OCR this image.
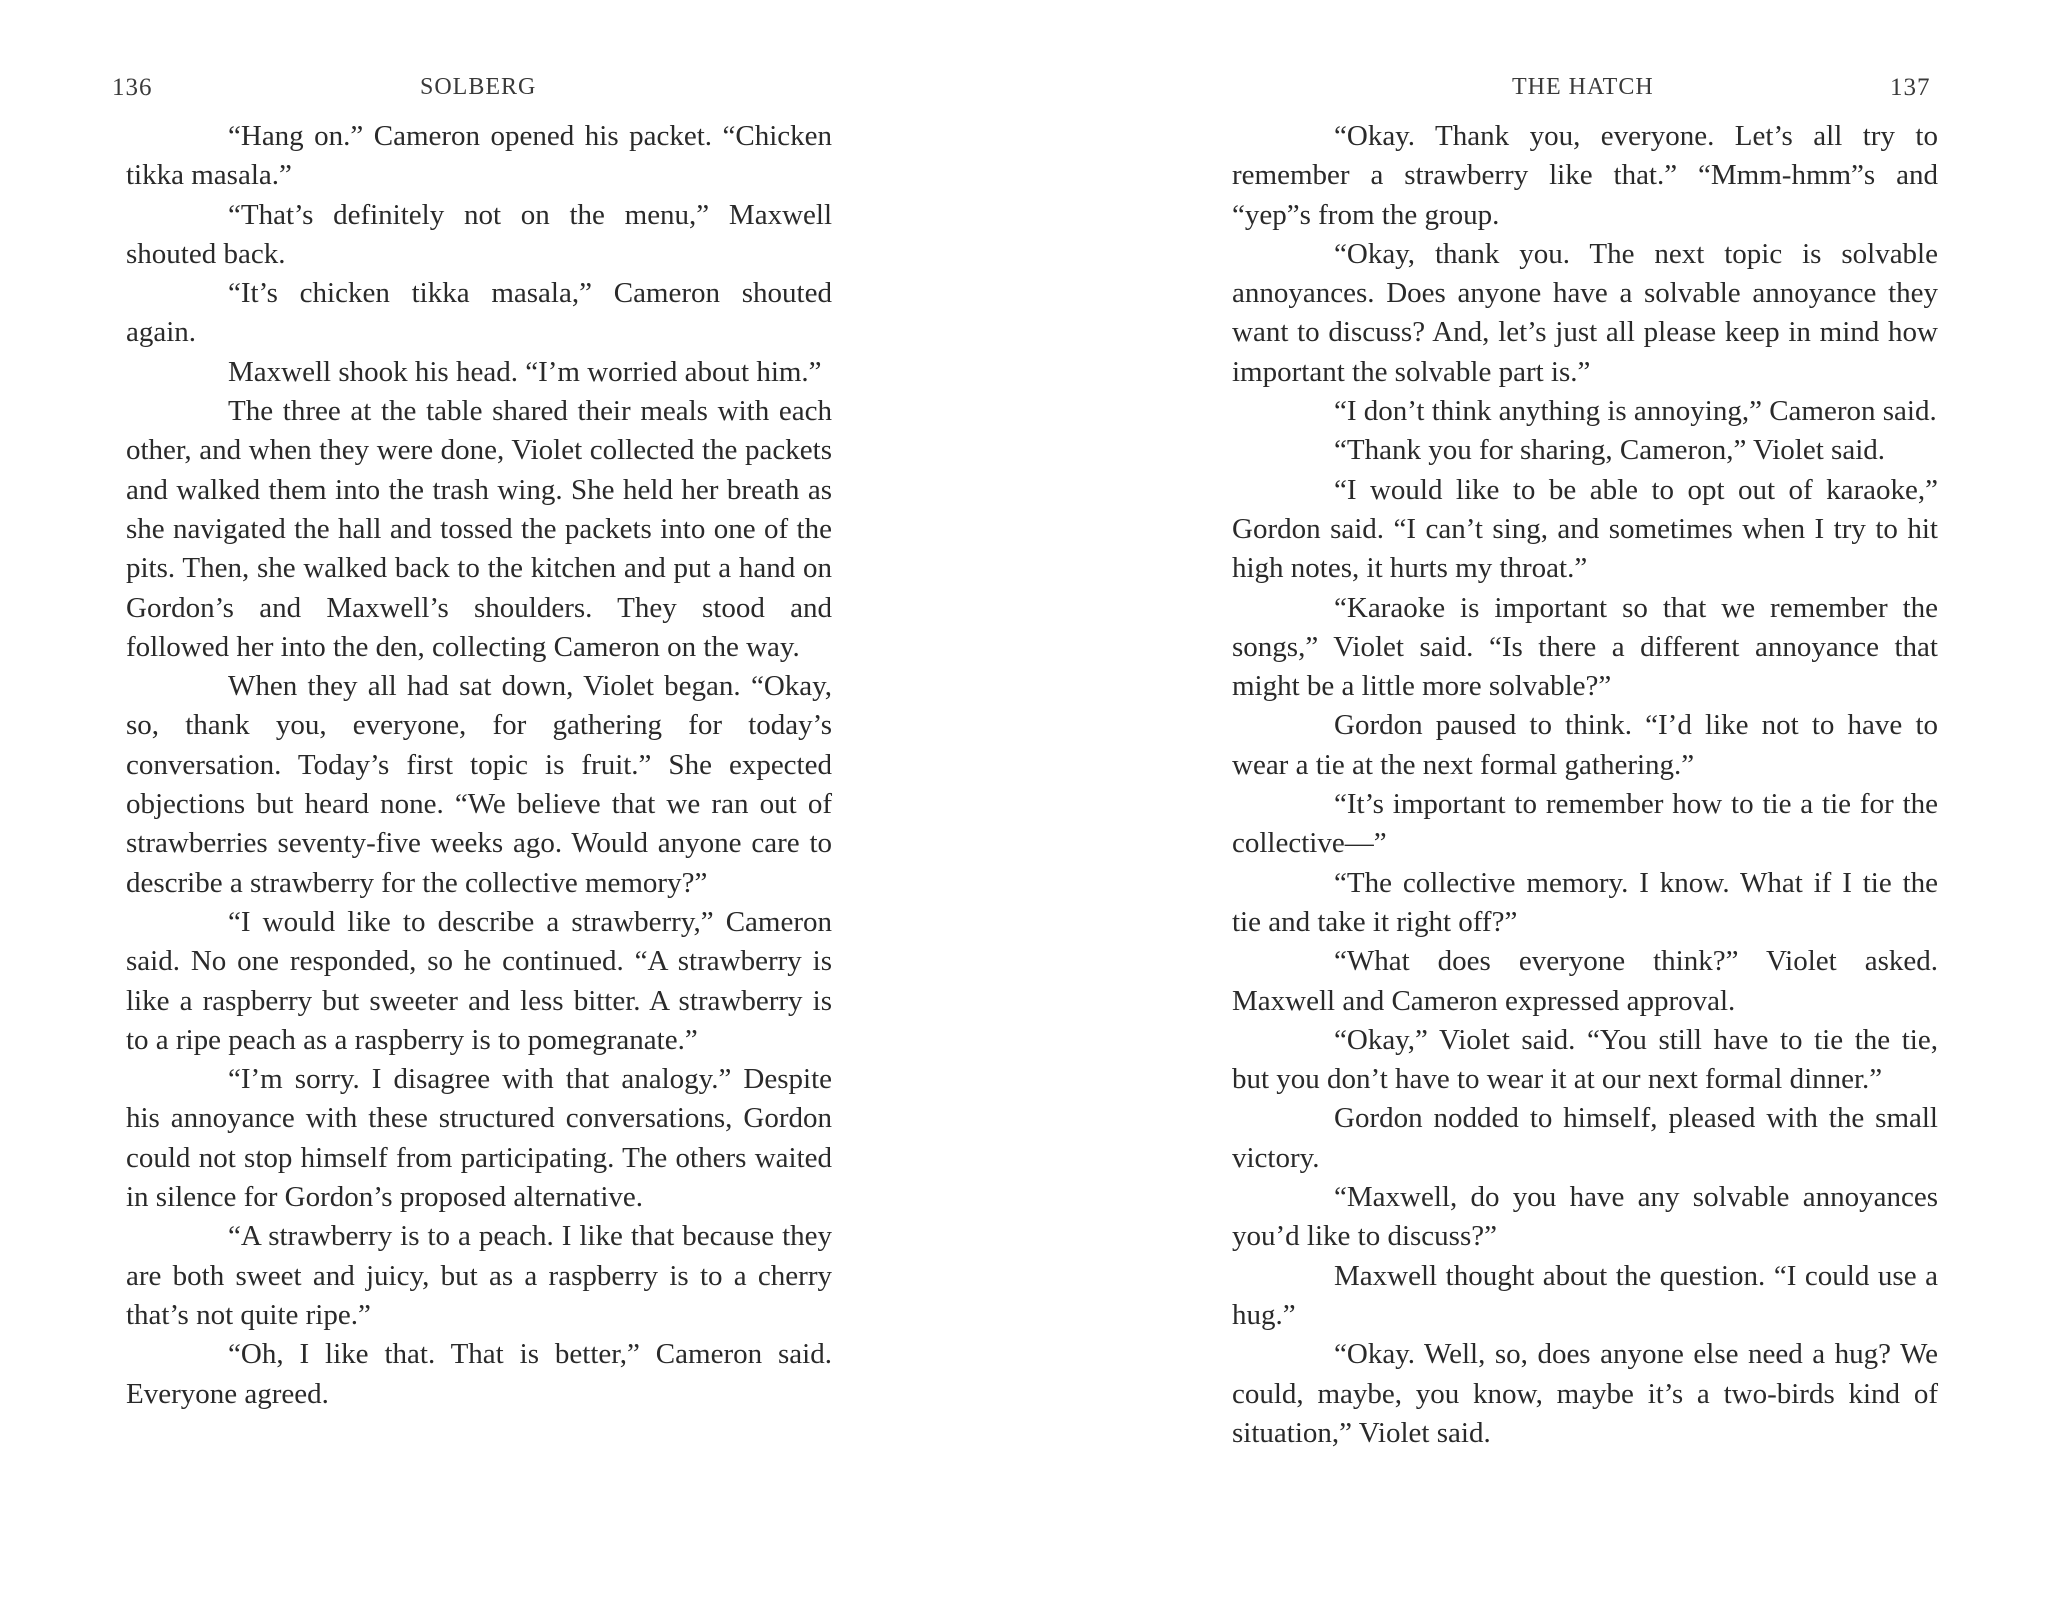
136	SOLBERG

“Hang on.” Cameron opened his packet. “Chicken tikka masala.”

“That’s definitely not on the menu,” Maxwell shouted back.

“It’s chicken tikka masala,” Cameron shouted again.

Maxwell shook his head. “I’m worried about him.”

The three at the table shared their meals with each other, and when they were done, Violet collected the packets and walked them into the trash wing. She held her breath as she navigated the hall and tossed the packets into one of the pits. Then, she walked back to the kitchen and put a hand on Gordon’s and Maxwell’s shoulders. They stood and followed her into the den, collecting Cameron on the way.

When they all had sat down, Violet began. “Okay, so, thank you, everyone, for gathering for today’s conversation. Today’s first topic is fruit.” She expected objections but heard none. “We believe that we ran out of strawberries seventy-five weeks ago. Would anyone care to describe a strawberry for the collective memory?”

“I would like to describe a strawberry,” Cameron said. No one responded, so he continued. “A strawberry is like a raspberry but sweeter and less bitter. A strawberry is to a ripe peach as a raspberry is to pomegranate.”

“I’m sorry. I disagree with that analogy.” Despite his annoyance with these structured conversations, Gordon could not stop himself from participating. The others waited in silence for Gordon’s proposed alternative.

“A strawberry is to a peach. I like that because they are both sweet and juicy, but as a raspberry is to a cherry that’s not quite ripe.”

“Oh, I like that. That is better,” Cameron said. Everyone agreed.

THE HATCH	137

“Okay. Thank you, everyone. Let’s all try to remember a strawberry like that.” “Mmm-hmm”s and “yep”s from the group.

“Okay, thank you. The next topic is solvable annoyances. Does anyone have a solvable annoyance they want to discuss? And, let’s just all please keep in mind how important the solvable part is.”

“I don’t think anything is annoying,” Cameron said.

“Thank you for sharing, Cameron,” Violet said.

“I would like to be able to opt out of karaoke,” Gordon said. “I can’t sing, and sometimes when I try to hit high notes, it hurts my throat.”

“Karaoke is important so that we remember the songs,” Violet said. “Is there a different annoyance that might be a little more solvable?”

Gordon paused to think. “I’d like not to have to wear a tie at the next formal gathering.”

“It’s important to remember how to tie a tie for the collective—”

“The collective memory. I know. What if I tie the tie and take it right off?”

“What does everyone think?” Violet asked. Maxwell and Cameron expressed approval.

“Okay,” Violet said. “You still have to tie the tie, but you don’t have to wear it at our next formal dinner.”

Gordon nodded to himself, pleased with the small victory.

“Maxwell, do you have any solvable annoyances you’d like to discuss?”

Maxwell thought about the question. “I could use a hug.”

“Okay. Well, so, does anyone else need a hug? We could, maybe, you know, maybe it’s a two-birds kind of situation,” Violet said.
